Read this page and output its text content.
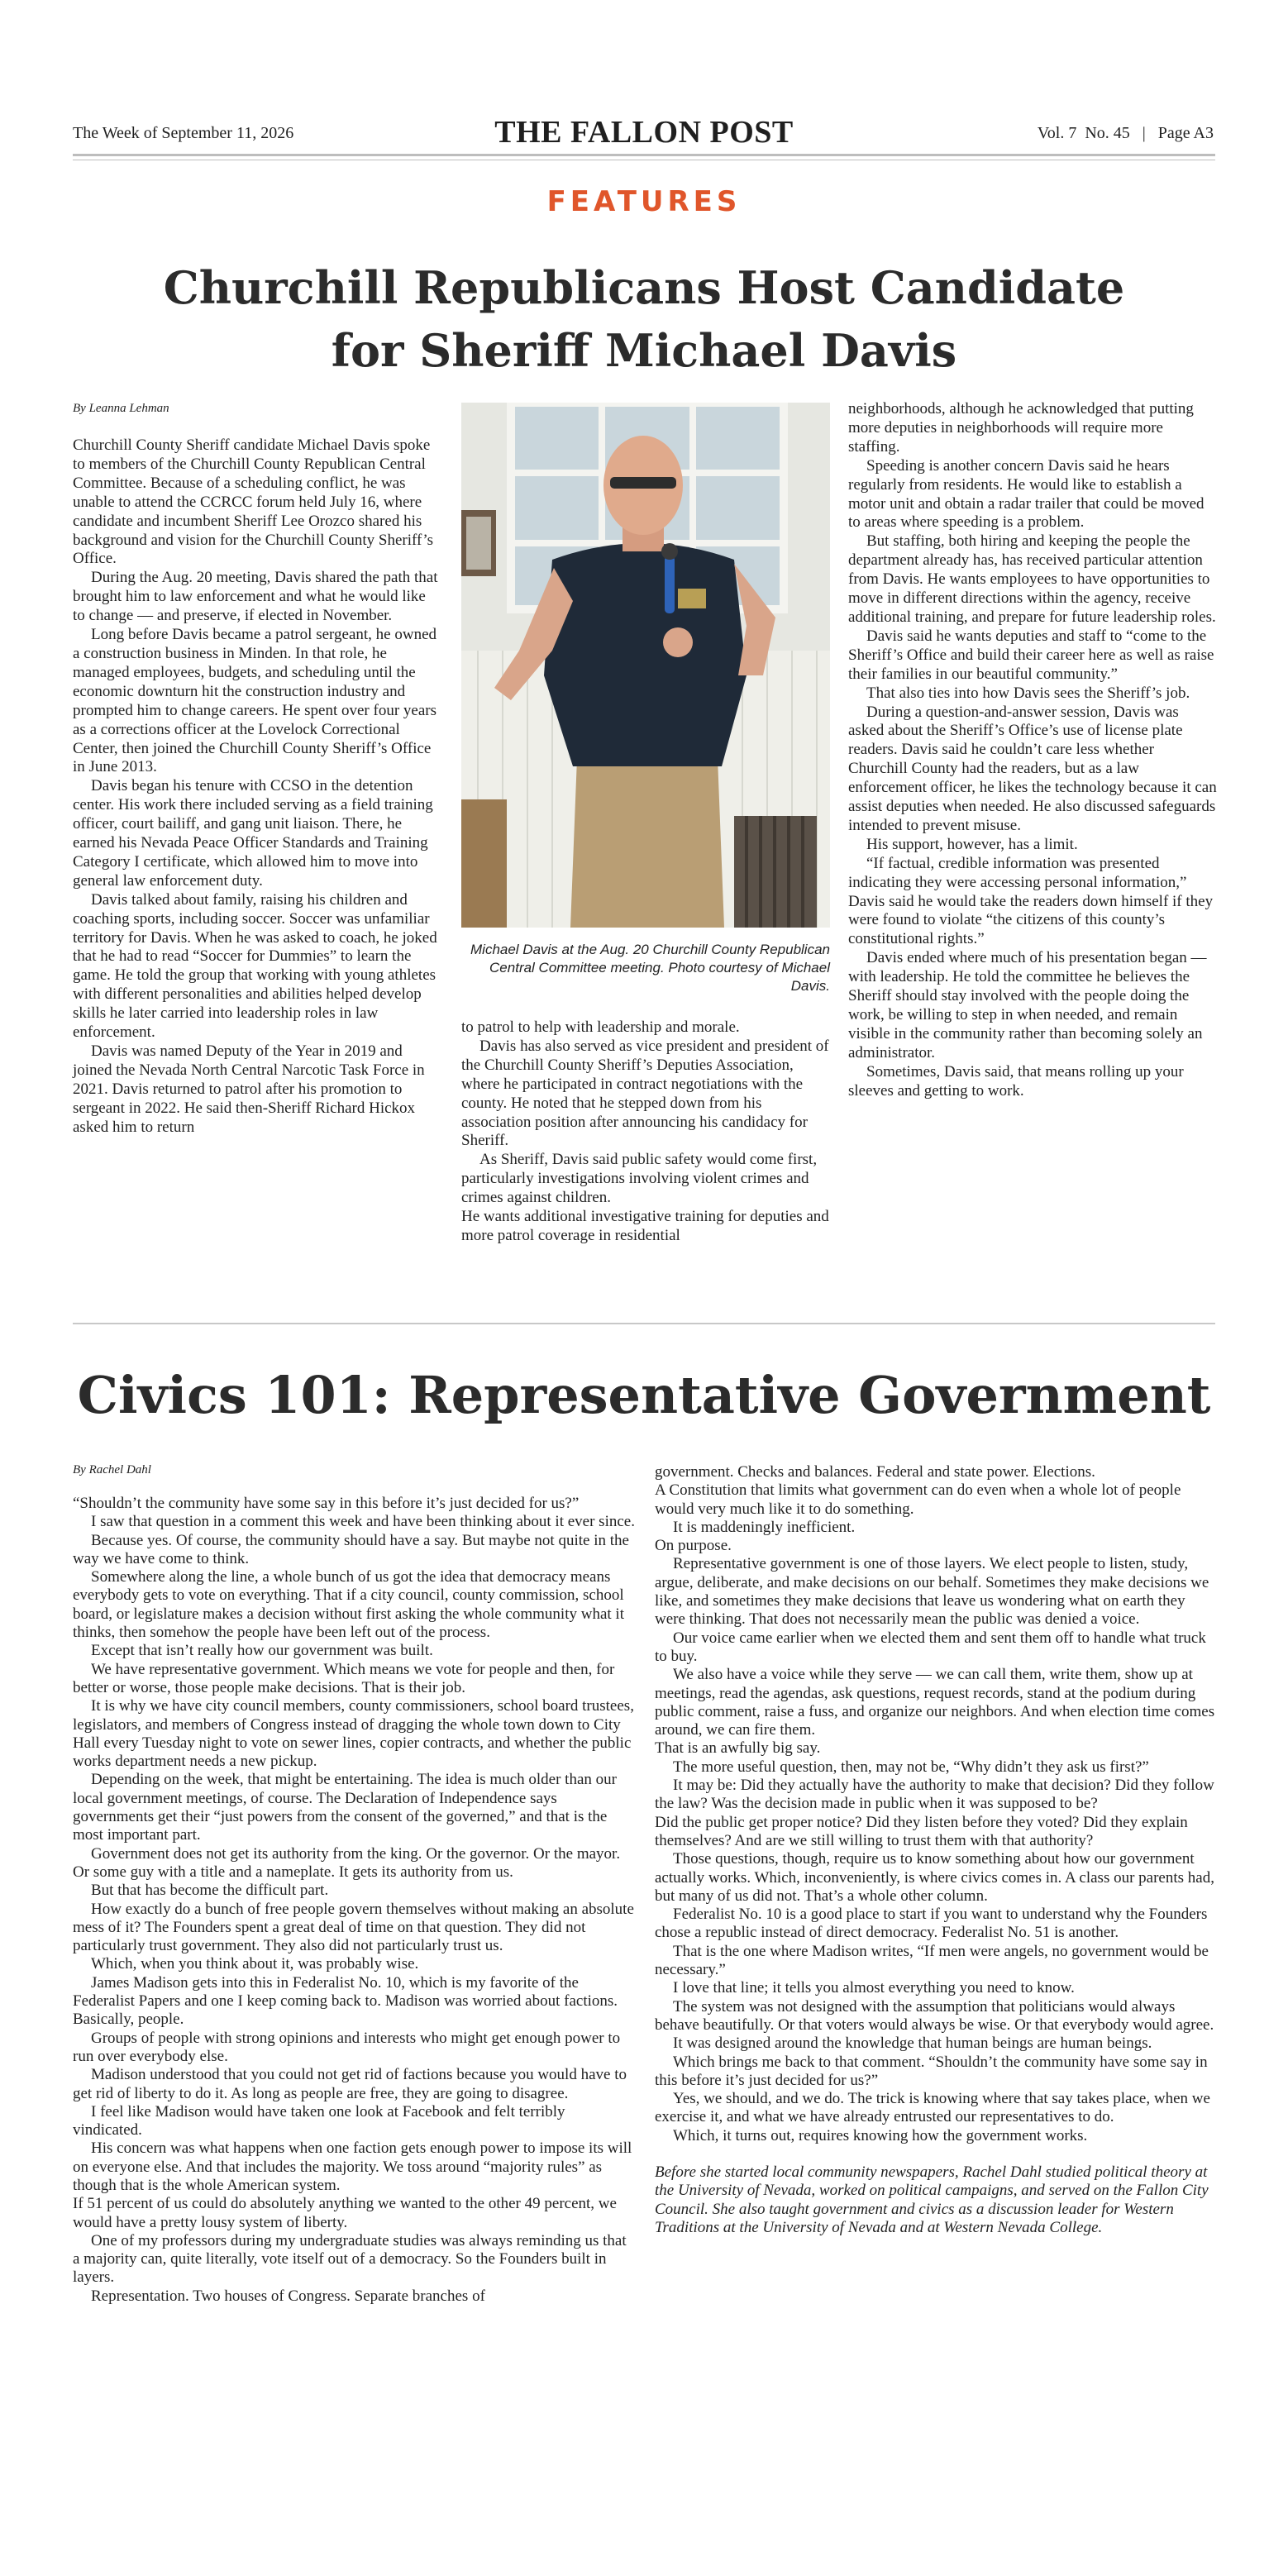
The Week of September 11, 2026	THE FALLON POST	Vol. 7  No. 45   |   Page A3
FEATURES
Churchill Republicans Host Candidate
for Sheriff Michael Davis
By Leanna Lehman

Churchill County Sheriff candidate Michael Davis spoke to members of the Churchill County Republican Central Committee. Because of a scheduling conflict, he was unable to attend the CCRCC forum held July 16, where candidate and incumbent Sheriff Lee Orozco shared his background and vision for the Churchill County Sheriff’s Office.

During the Aug. 20 meeting, Davis shared the path that brought him to law enforcement and what he would like to change — and preserve, if elected in November.

Long before Davis became a patrol sergeant, he owned a construction business in Minden. In that role, he managed employees, budgets, and scheduling until the economic downturn hit the construction industry and prompted him to change careers. He spent over four years as a corrections officer at the Lovelock Correctional Center, then joined the Churchill County Sheriff’s Office in June 2013.

Davis began his tenure with CCSO in the detention center. His work there included serving as a field training officer, court bailiff, and gang unit liaison. There, he earned his Nevada Peace Officer Standards and Training Category I certificate, which allowed him to move into general law enforcement duty.

Davis talked about family, raising his children and coaching sports, including soccer. Soccer was unfamiliar territory for Davis. When he was asked to coach, he joked that he had to read “Soccer for Dummies” to learn the game. He told the group that working with young athletes with different personalities and abilities helped develop skills he later carried into leadership roles in law enforcement.

Davis was named Deputy of the Year in 2019 and joined the Nevada North Central Narcotic Task Force in 2021. Davis returned to patrol after his promotion to sergeant in 2022. He said then-Sheriff Richard Hickox asked him to return

Michael Davis at the Aug. 20 Churchill County Republican Central Committee meeting. Photo courtesy of Michael Davis.

to patrol to help with leadership and morale.

Davis has also served as vice president and president of the Churchill County Sheriff’s Deputies Association, where he participated in contract negotiations with the county. He noted that he stepped down from his association position after announcing his candidacy for Sheriff.

As Sheriff, Davis said public safety would come first, particularly investigations involving violent crimes and crimes against children.

He wants additional investigative training for deputies and more patrol coverage in residential

neighborhoods, although he acknowledged that putting more deputies in neighborhoods will require more staffing.

Speeding is another concern Davis said he hears regularly from residents. He would like to establish a motor unit and obtain a radar trailer that could be moved to areas where speeding is a problem.

But staffing, both hiring and keeping the people the department already has, has received particular attention from Davis. He wants employees to have opportunities to move in different directions within the agency, receive additional training, and prepare for future leadership roles.

Davis said he wants deputies and staff to “come to the Sheriff’s Office and build their career here as well as raise their families in our beautiful community.”

That also ties into how Davis sees the Sheriff’s job.

During a question-and-answer session, Davis was asked about the Sheriff’s Office’s use of license plate readers. Davis said he couldn’t care less whether Churchill County had the readers, but as a law enforcement officer, he likes the technology because it can assist deputies when needed. He also discussed safeguards intended to prevent misuse.

His support, however, has a limit.

“If factual, credible information was presented indicating they were accessing personal information,” Davis said he would take the readers down himself if they were found to violate “the citizens of this county’s constitutional rights.”

Davis ended where much of his presentation began — with leadership. He told the committee he believes the Sheriff should stay involved with the people doing the work, be willing to step in when needed, and remain visible in the community rather than becoming solely an administrator.

Sometimes, Davis said, that means rolling up your sleeves and getting to work.

Civics 101: Representative Government
By Rachel Dahl

“Shouldn’t the community have some say in this before it’s just decided for us?”

I saw that question in a comment this week and have been thinking about it ever since.

Because yes. Of course, the community should have a say. But maybe not quite in the way we have come to think.

Somewhere along the line, a whole bunch of us got the idea that democracy means everybody gets to vote on everything. That if a city council, county commission, school board, or legislature makes a decision without first asking the whole community what it thinks, then somehow the people have been left out of the process.

Except that isn’t really how our government was built.

We have representative government. Which means we vote for people and then, for better or worse, those people make decisions. That is their job.

It is why we have city council members, county commissioners, school board trustees, legislators, and members of Congress instead of dragging the whole town down to City Hall every Tuesday night to vote on sewer lines, copier contracts, and whether the public works department needs a new pickup.

Depending on the week, that might be entertaining. The idea is much older than our local government meetings, of course. The Declaration of Independence says governments get their “just powers from the consent of the governed,” and that is the most important part.

Government does not get its authority from the king. Or the governor. Or the mayor. Or some guy with a title and a nameplate. It gets its authority from us.

But that has become the difficult part.

How exactly do a bunch of free people govern themselves without making an absolute mess of it? The Founders spent a great deal of time on that question. They did not particularly trust government. They also did not particularly trust us.

Which, when you think about it, was probably wise.

James Madison gets into this in Federalist No. 10, which is my favorite of the Federalist Papers and one I keep coming back to. Madison was worried about factions. Basically, people.

Groups of people with strong opinions and interests who might get enough power to run over everybody else.

Madison understood that you could not get rid of factions because you would have to get rid of liberty to do it. As long as people are free, they are going to disagree.

I feel like Madison would have taken one look at Facebook and felt terribly vindicated.

His concern was what happens when one faction gets enough power to impose its will on everyone else. And that includes the majority. We toss around “majority rules” as though that is the whole American system.

If 51 percent of us could do absolutely anything we wanted to the other 49 percent, we would have a pretty lousy system of liberty.

One of my professors during my undergraduate studies was always reminding us that a majority can, quite literally, vote itself out of a democracy. So the Founders built in layers.

Representation. Two houses of Congress. Separate branches of

government. Checks and balances. Federal and state power. Elections.

A Constitution that limits what government can do even when a whole lot of people would very much like it to do something.

It is maddeningly inefficient.

On purpose.

Representative government is one of those layers. We elect people to listen, study, argue, deliberate, and make decisions on our behalf. Sometimes they make decisions we like, and sometimes they make decisions that leave us wondering what on earth they were thinking. That does not necessarily mean the public was denied a voice.

Our voice came earlier when we elected them and sent them off to handle what truck to buy.

We also have a voice while they serve — we can call them, write them, show up at meetings, read the agendas, ask questions, request records, stand at the podium during public comment, raise a fuss, and organize our neighbors. And when election time comes around, we can fire them.

That is an awfully big say.

The more useful question, then, may not be, “Why didn’t they ask us first?”

It may be: Did they actually have the authority to make that decision? Did they follow the law? Was the decision made in public when it was supposed to be?

Did the public get proper notice? Did they listen before they voted? Did they explain themselves? And are we still willing to trust them with that authority?

Those questions, though, require us to know something about how our government actually works. Which, inconveniently, is where civics comes in. A class our parents had, but many of us did not. That’s a whole other column.

Federalist No. 10 is a good place to start if you want to understand why the Founders chose a republic instead of direct democracy. Federalist No. 51 is another.

That is the one where Madison writes, “If men were angels, no government would be necessary.”

I love that line; it tells you almost everything you need to know.

The system was not designed with the assumption that politicians would always behave beautifully. Or that voters would always be wise. Or that everybody would agree.

It was designed around the knowledge that human beings are human beings.

Which brings me back to that comment. “Shouldn’t the community have some say in this before it’s just decided for us?”

Yes, we should, and we do. The trick is knowing where that say takes place, when we exercise it, and what we have already entrusted our representatives to do.

Which, it turns out, requires knowing how the government works.

Before she started local community newspapers, Rachel Dahl studied political theory at the University of Nevada, worked on political campaigns, and served on the Fallon City Council. She also taught government and civics as a discussion leader for Western Traditions at the University of Nevada and at Western Nevada College.
